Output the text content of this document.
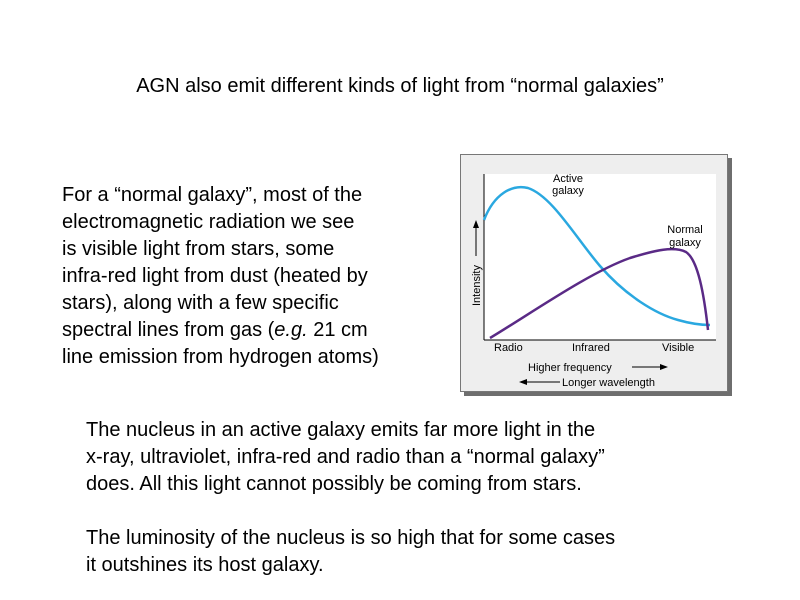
AGN also emit different kinds of light from “normal galaxies”
For a “normal galaxy”, most of the
electromagnetic radiation we see
is visible light from stars, some
infra-red light from dust (heated by
stars), along with a few specific
spectral lines from gas (e.g. 21 cm
line emission from hydrogen atoms)
Intensity
Active
galaxy
Normal
galaxy
Radio	Infrared	Visible
Higher frequency
Longer wavelength
The nucleus in an active galaxy emits far more light in the
x-ray, ultraviolet, infra-red and radio than a “normal galaxy”
does. All this light cannot possibly be coming from stars.
The luminosity of the nucleus is so high that for some cases
it outshines its host galaxy.
